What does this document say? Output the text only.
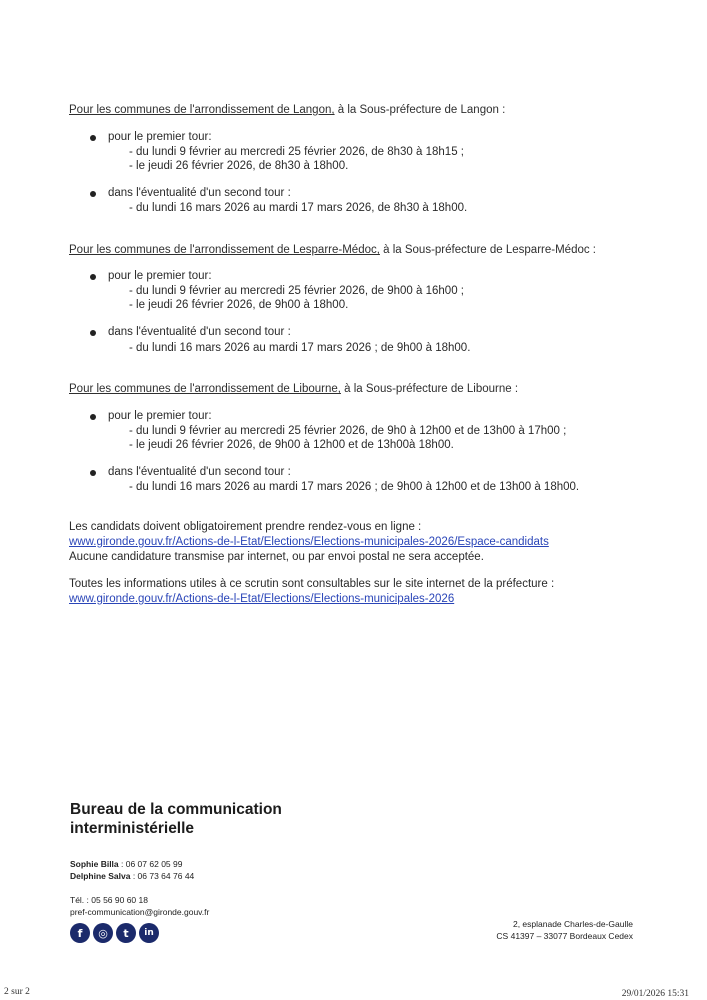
Pour les communes de l'arrondissement de Langon, à la Sous-préfecture de Langon :
pour le premier tour:
- du lundi 9 février au mercredi 25 février 2026, de 8h30 à 18h15 ;
- le jeudi 26 février 2026, de 8h30 à 18h00.
dans l'éventualité d'un second tour :
- du lundi 16 mars 2026 au mardi 17 mars 2026, de 8h30 à 18h00.
Pour les communes de l'arrondissement de Lesparre-Médoc, à la Sous-préfecture de Lesparre-Médoc :
pour le premier tour:
- du lundi 9 février au mercredi 25 février 2026, de 9h00 à 16h00 ;
- le jeudi 26 février 2026, de 9h00 à 18h00.
dans l'éventualité d'un second tour :
- du lundi 16 mars 2026 au mardi 17 mars 2026 ; de 9h00 à 18h00.
Pour les communes de l'arrondissement de Libourne, à la Sous-préfecture de Libourne :
pour le premier tour:
- du lundi 9 février au mercredi 25 février 2026, de 9h0 à 12h00 et de 13h00 à 17h00 ;
- le jeudi 26 février 2026, de 9h00 à 12h00 et de 13h00à 18h00.
dans l'éventualité d'un second tour :
- du lundi 16 mars 2026 au mardi 17 mars 2026 ; de 9h00 à 12h00 et de 13h00 à 18h00.
Les candidats doivent obligatoirement prendre rendez-vous en ligne :
www.gironde.gouv.fr/Actions-de-l-Etat/Elections/Elections-municipales-2026/Espace-candidats
Aucune candidature transmise par internet, ou par envoi postal ne sera acceptée.
Toutes les informations utiles à ce scrutin sont consultables sur le site internet de la préfecture :
www.gironde.gouv.fr/Actions-de-l-Etat/Elections/Elections-municipales-2026
Bureau de la communication
interministérielle
Sophie Billa : 06 07 62 05 99
Delphine Salva : 06 73 64 76 44
Tél. : 05 56 90 60 18
pref-communication@gironde.gouv.fr
f	◎	t	in
2, esplanade Charles-de-Gaulle
CS 41397 – 33077 Bordeaux Cedex
2 sur 2	29/01/2026 15:31
